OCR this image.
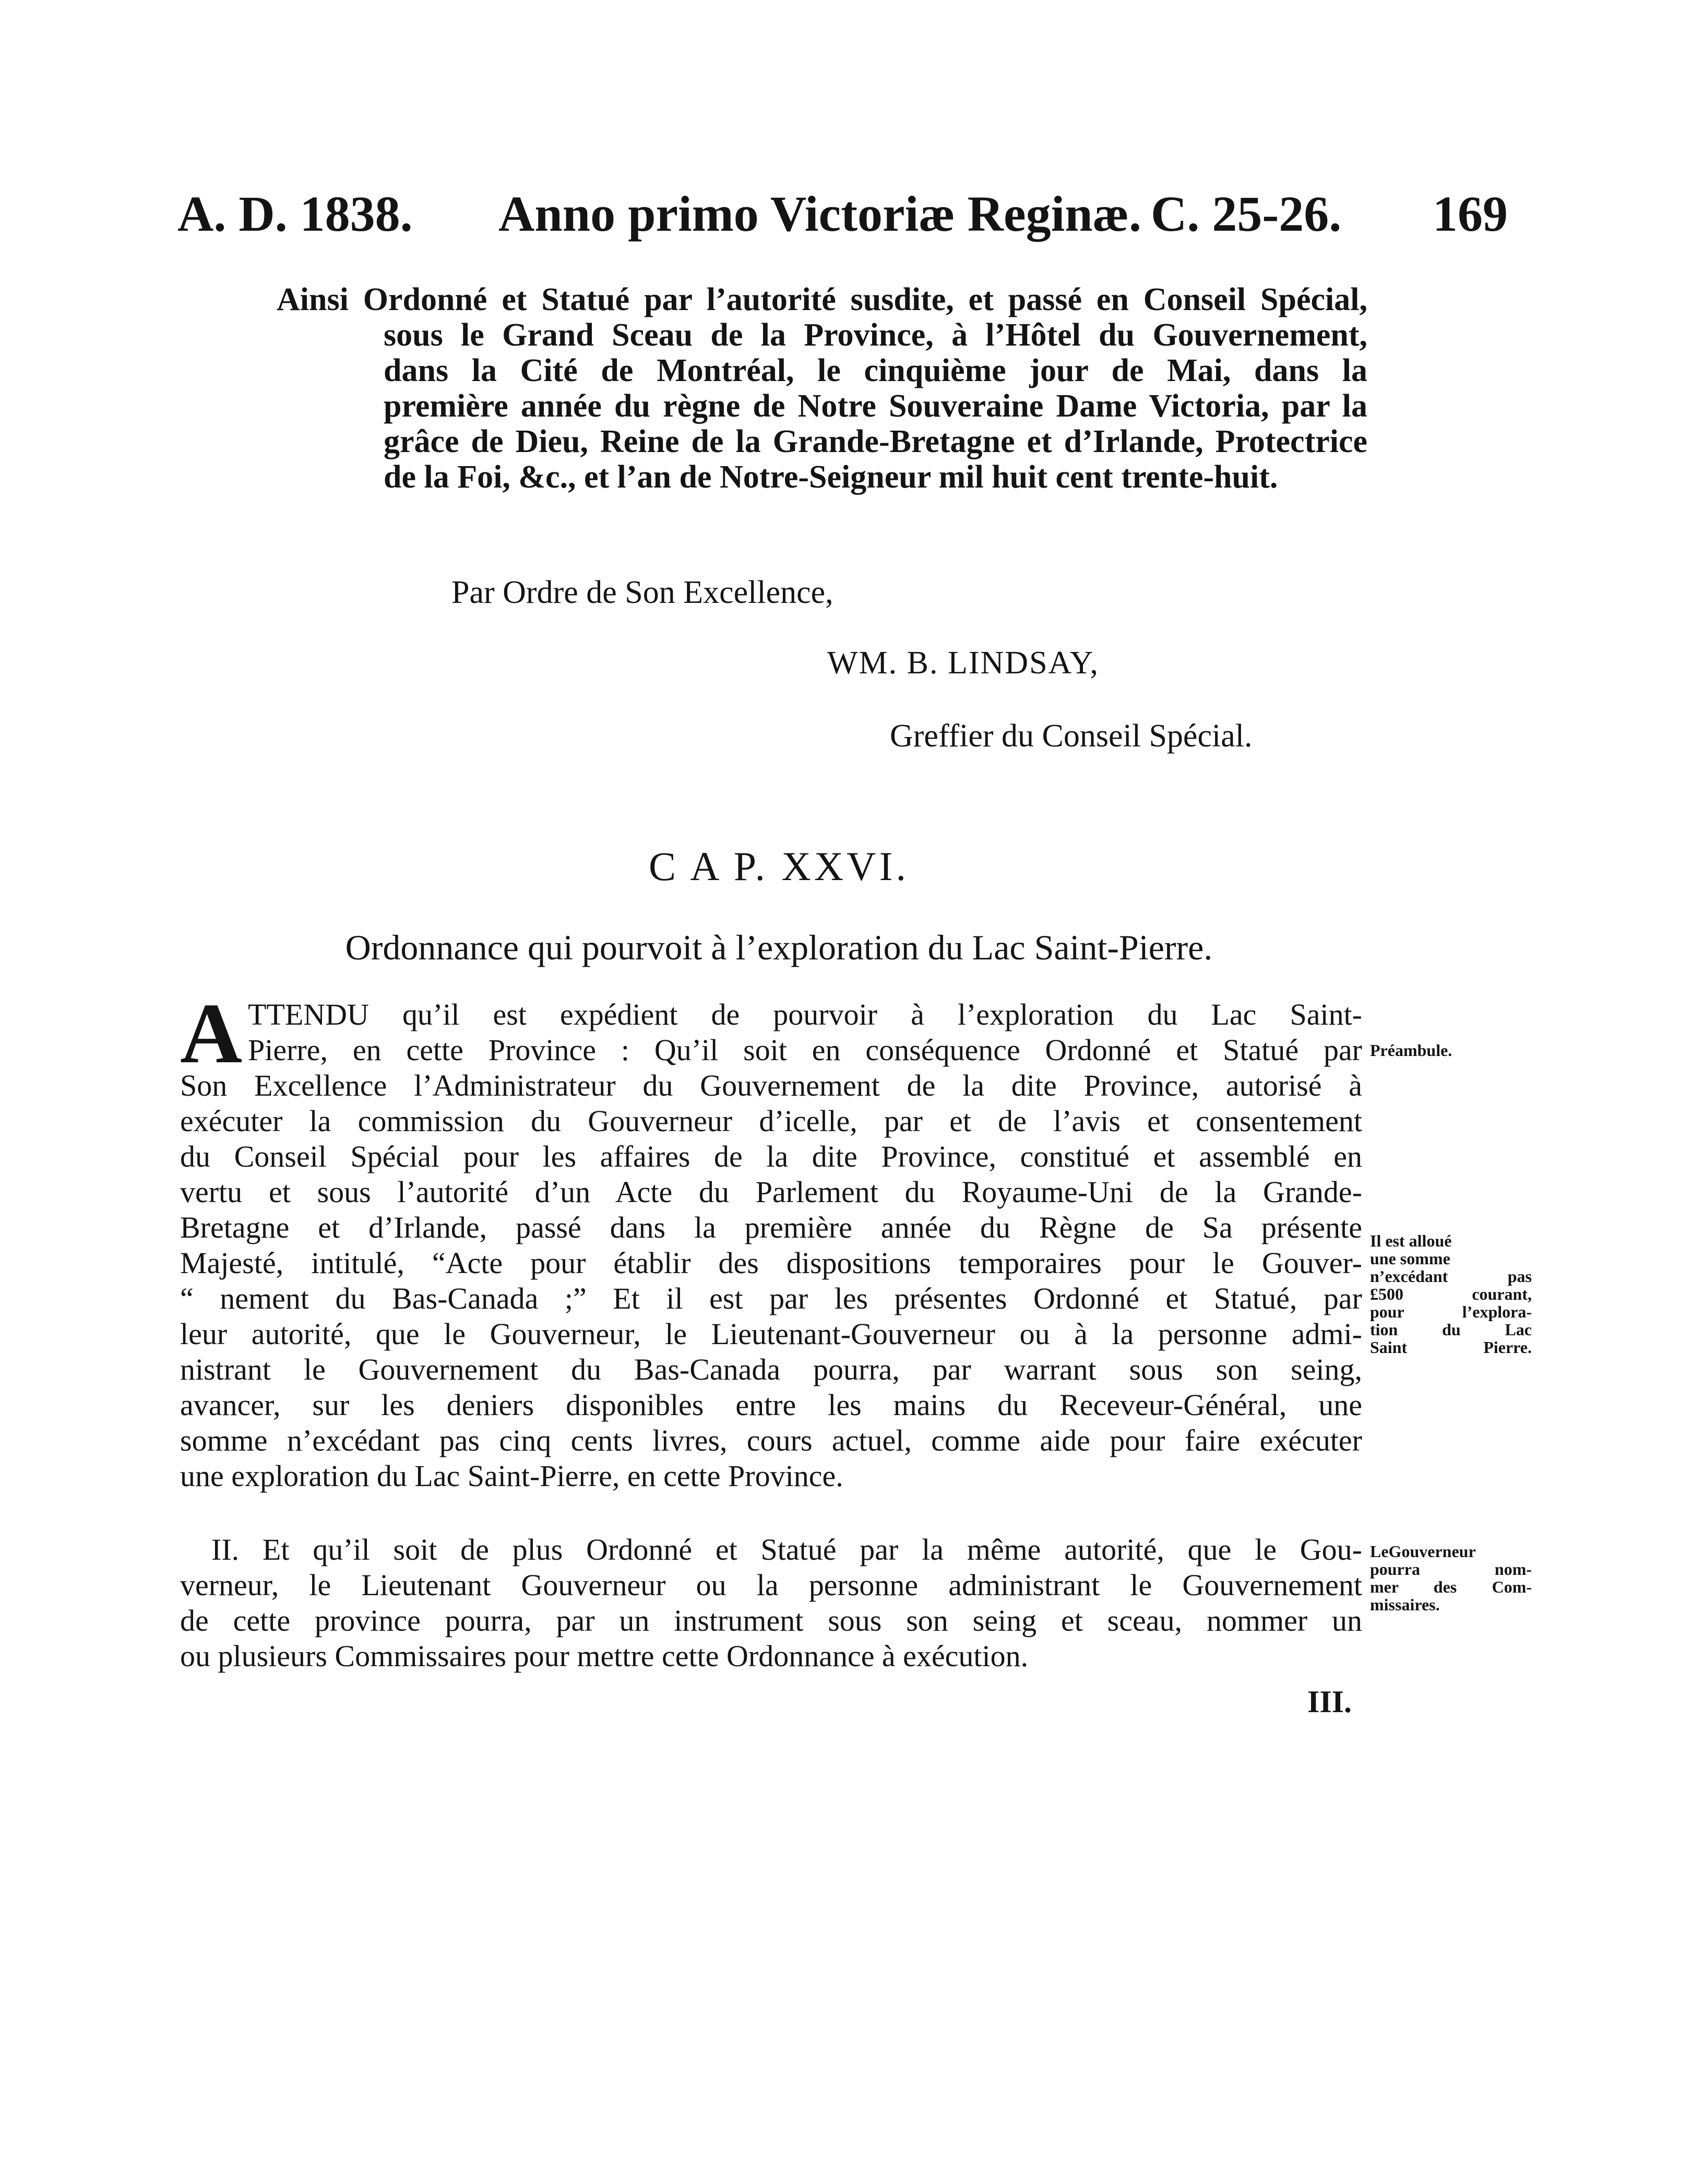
A. D. 1838. Anno primo Victoriæ Reginæ. C. 25-26. 169
Ainsi Ordonné et Statué par l’autorité susdite, et passé en Conseil Spécial,
sous le Grand Sceau de la Province, à l’Hôtel du Gouvernement,
dans la Cité de Montréal, le cinquième jour de Mai, dans la
première année du règne de Notre Souveraine Dame Victoria, par la
grâce de Dieu, Reine de la Grande-Bretagne et d’Irlande, Protectrice
de la Foi, &c., et l’an de Notre-Seigneur mil huit cent trente-huit.
Par Ordre de Son Excellence,
WM. B. LINDSAY,
Greffier du Conseil Spécial.
C A P. XXVI.
Ordonnance qui pourvoit à l’exploration du Lac Saint-Pierre.
A TTENDU qu’il est expédient de pourvoir à l’exploration du Lac Saint-
Pierre, en cette Province : Qu’il soit en conséquence Ordonné et Statué par
Son Excellence l’Administrateur du Gouvernement de la dite Province, autorisé à
exécuter la commission du Gouverneur d’icelle, par et de l’avis et consentement
du Conseil Spécial pour les affaires de la dite Province, constitué et assemblé en
vertu et sous l’autorité d’un Acte du Parlement du Royaume-Uni de la Grande-
Bretagne et d’Irlande, passé dans la première année du Règne de Sa présente
Majesté, intitulé, “Acte pour établir des dispositions temporaires pour le Gouver-
“ nement du Bas-Canada ;” Et il est par les présentes Ordonné et Statué, par
leur autorité, que le Gouverneur, le Lieutenant-Gouverneur ou à la personne admi-
nistrant le Gouvernement du Bas-Canada pourra, par warrant sous son seing,
avancer, sur les deniers disponibles entre les mains du Receveur-Général, une
somme n’excédant pas cinq cents livres, cours actuel, comme aide pour faire exécuter
une exploration du Lac Saint-Pierre, en cette Province.
II. Et qu’il soit de plus Ordonné et Statué par la même autorité, que le Gou-
verneur, le Lieutenant Gouverneur ou la personne administrant le Gouvernement
de cette province pourra, par un instrument sous son seing et sceau, nommer un
ou plusieurs Commissaires pour mettre cette Ordonnance à exécution.
Préambule.
Il est alloué
une somme
n’excédant pas
£500 courant,
pour l’explora-
tion du Lac
Saint Pierre.
LeGouverneur
pourra nom-
mer des Com-
missaires.
III.
